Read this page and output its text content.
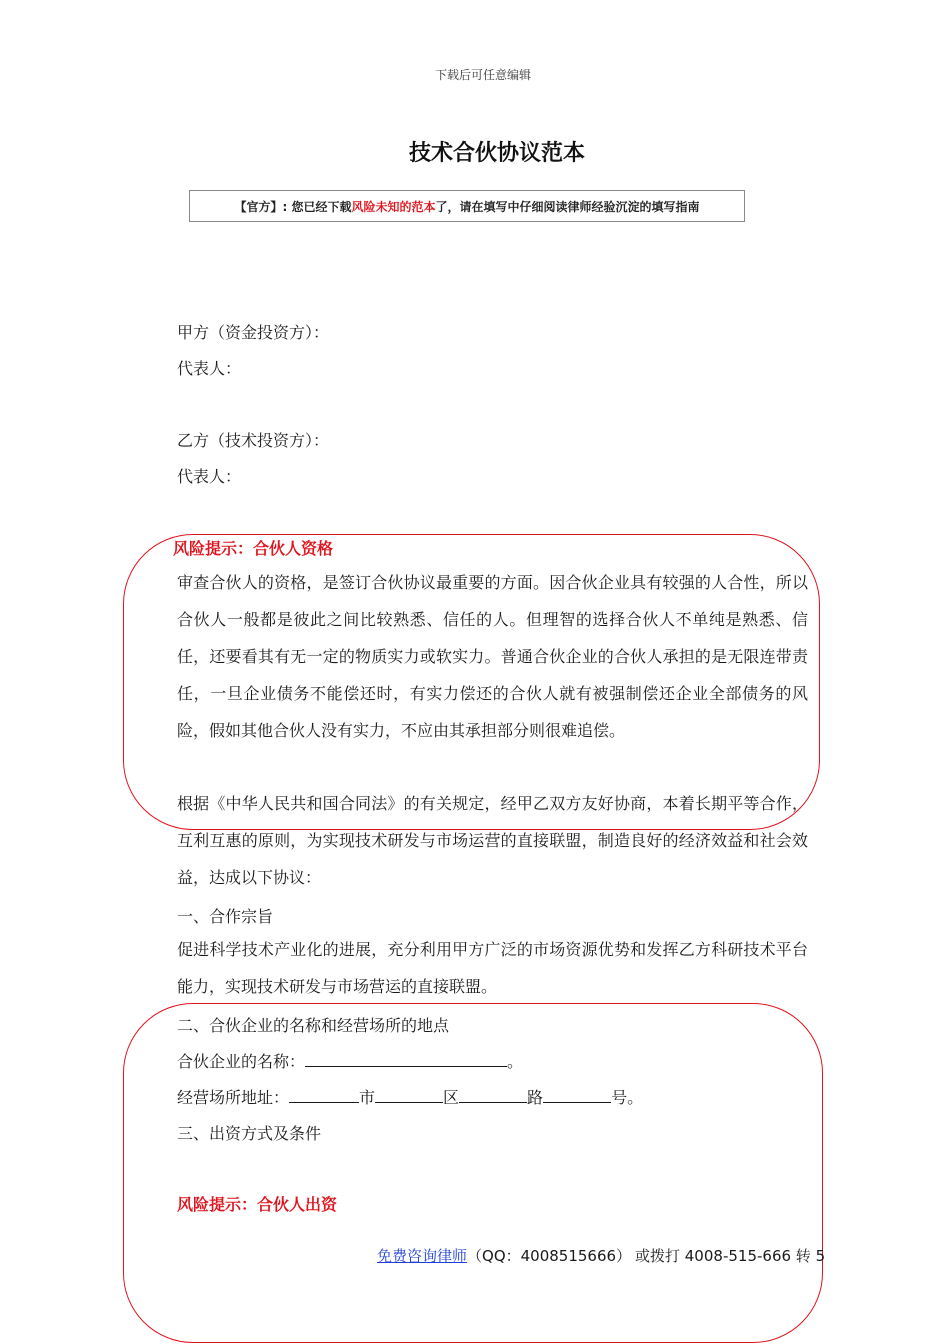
下载后可任意编辑
技术合伙协议范本
【官方】: 您已经下载风险未知的范本了，请在填写中仔细阅读律师经验沉淀的填写指南
甲方（资金投资方）：
代表人：
乙方（技术投资方）：
代表人：
风险提示：合伙人资格
审查合伙人的资格，是签订合伙协议最重要的方面。因合伙企业具有较强的人合性，所以合伙人一般都是彼此之间比较熟悉、信任的人。但理智的选择合伙人不单纯是熟悉、信任，还要看其有无一定的物质实力或软实力。普通合伙企业的合伙人承担的是无限连带责任，一旦企业债务不能偿还时，有实力偿还的合伙人就有被强制偿还企业全部债务的风险，假如其他合伙人没有实力，不应由其承担部分则很难追偿。
根据《中华人民共和国合同法》的有关规定，经甲乙双方友好协商，本着长期平等合作，互利互惠的原则，为实现技术研发与市场运营的直接联盟，制造良好的经济效益和社会效益，达成以下协议：
一、合作宗旨
促进科学技术产业化的进展，充分利用甲方广泛的市场资源优势和发挥乙方科研技术平台能力，实现技术研发与市场营运的直接联盟。
二、合伙企业的名称和经营场所的地点
合伙企业的名称：	。
经营场所地址：	市	区	路	号。
三、出资方式及条件
风险提示：合伙人出资
免费咨询律师（QQ：4008515666） 或拨打 4008-515-666 转 5
